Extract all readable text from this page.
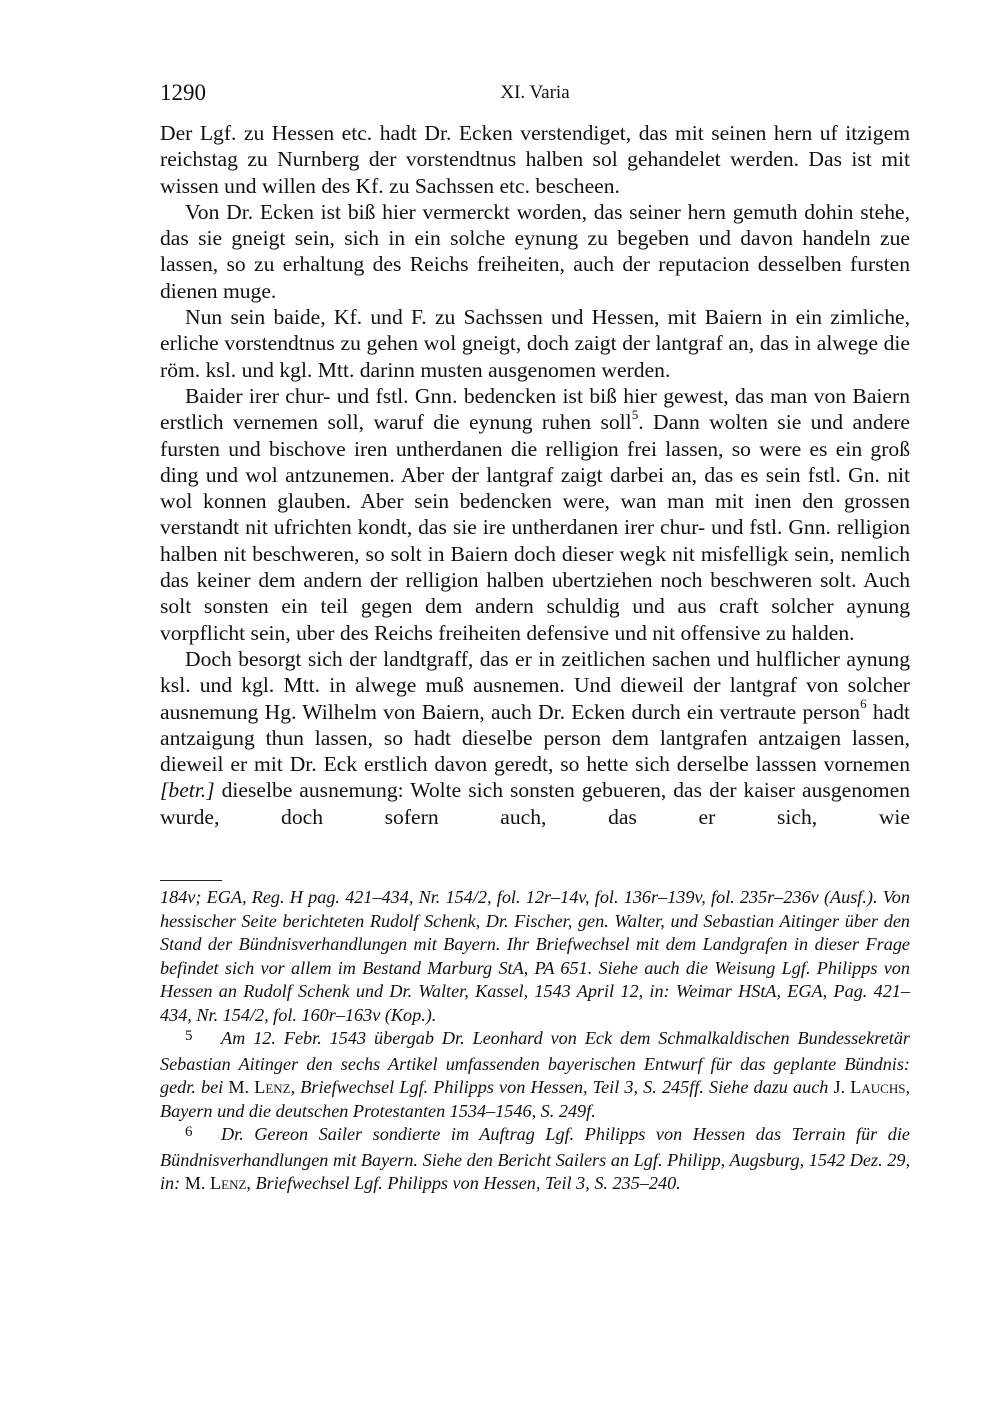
1290	XI. Varia

Der Lgf. zu Hessen etc. hadt Dr. Ecken verstendiget, das mit seinen hern uf itzigem reichstag zu Nurnberg der vorstendtnus halben sol gehandelet werden. Das ist mit wissen und willen des Kf. zu Sachssen etc. bescheen.

Von Dr. Ecken ist biß hier vermerckt worden, das seiner hern gemuth dohin stehe, das sie gneigt sein, sich in ein solche eynung zu begeben und davon handeln zue lassen, so zu erhaltung des Reichs freiheiten, auch der reputacion desselben fursten dienen muge.

Nun sein baide, Kf. und F. zu Sachssen und Hessen, mit Baiern in ein zimliche, erliche vorstendtnus zu gehen wol gneigt, doch zaigt der lantgraf an, das in alwege die röm. ksl. und kgl. Mtt. darinn musten ausgenomen werden.

Baider irer chur- und fstl. Gnn. bedencken ist biß hier gewest, das man von Baiern erstlich vernemen soll, waruf die eynung ruhen soll$^5$. Dann wolten sie und andere fursten und bischove iren untherdanen die relligion frei lassen, so were es ein groß ding und wol antzunemen. Aber der lantgraf zaigt darbei an, das es sein fstl. Gn. nit wol konnen glauben. Aber sein bedencken were, wan man mit inen den grossen verstandt nit ufrichten kondt, das sie ire untherdanen irer chur- und fstl. Gnn. relligion halben nit beschweren, so solt in Baiern doch dieser wegk nit misfelligk sein, nemlich das keiner dem andern der relligion halben ubertziehen noch beschweren solt. Auch solt sonsten ein teil gegen dem andern schuldig und aus craft solcher aynung vorpflicht sein, uber des Reichs freiheiten defensive und nit offensive zu halden.

Doch besorgt sich der landtgraff, das er in zeitlichen sachen und hulflicher aynung ksl. und kgl. Mtt. in alwege muß ausnemen. Und dieweil der lantgraf von solcher ausnemung Hg. Wilhelm von Baiern, auch Dr. Ecken durch ein vertraute person$^6$ hadt antzaigung thun lassen, so hadt dieselbe person dem lantgrafen antzaigen lassen, dieweil er mit Dr. Eck erstlich davon geredt, so hette sich derselbe lasssen vornemen [betr.] dieselbe ausnemung: Wolte sich sonsten gebueren, das der kaiser ausgenomen wurde, doch sofern auch, das er sich, wie

184v; EGA, Reg. H pag. 421–434, Nr. 154/2, fol. 12r–14v, fol. 136r–139v, fol. 235r–236v (Ausf.). Von hessischer Seite berichteten Rudolf Schenk, Dr. Fischer, gen. Walter, und Sebastian Aitinger über den Stand der Bündnisverhandlungen mit Bayern. Ihr Briefwechsel mit dem Landgrafen in dieser Frage befindet sich vor allem im Bestand Marburg StA, PA 651. Siehe auch die Weisung Lgf. Philipps von Hessen an Rudolf Schenk und Dr. Walter, Kassel, 1543 April 12, in: Weimar HStA, EGA, Pag. 421–434, Nr. 154/2, fol. 160r–163v (Kop.).

5 Am 12. Febr. 1543 übergab Dr. Leonhard von Eck dem Schmalkaldischen Bundessekretär Sebastian Aitinger den sechs Artikel umfassenden bayerischen Entwurf für das geplante Bündnis: gedr. bei M. Lenz, Briefwechsel Lgf. Philipps von Hessen, Teil 3, S. 245ff. Siehe dazu auch J. Lauchs, Bayern und die deutschen Protestanten 1534–1546, S. 249f.

6 Dr. Gereon Sailer sondierte im Auftrag Lgf. Philipps von Hessen das Terrain für die Bündnisverhandlungen mit Bayern. Siehe den Bericht Sailers an Lgf. Philipp, Augsburg, 1542 Dez. 29, in: M. Lenz, Briefwechsel Lgf. Philipps von Hessen, Teil 3, S. 235–240.
